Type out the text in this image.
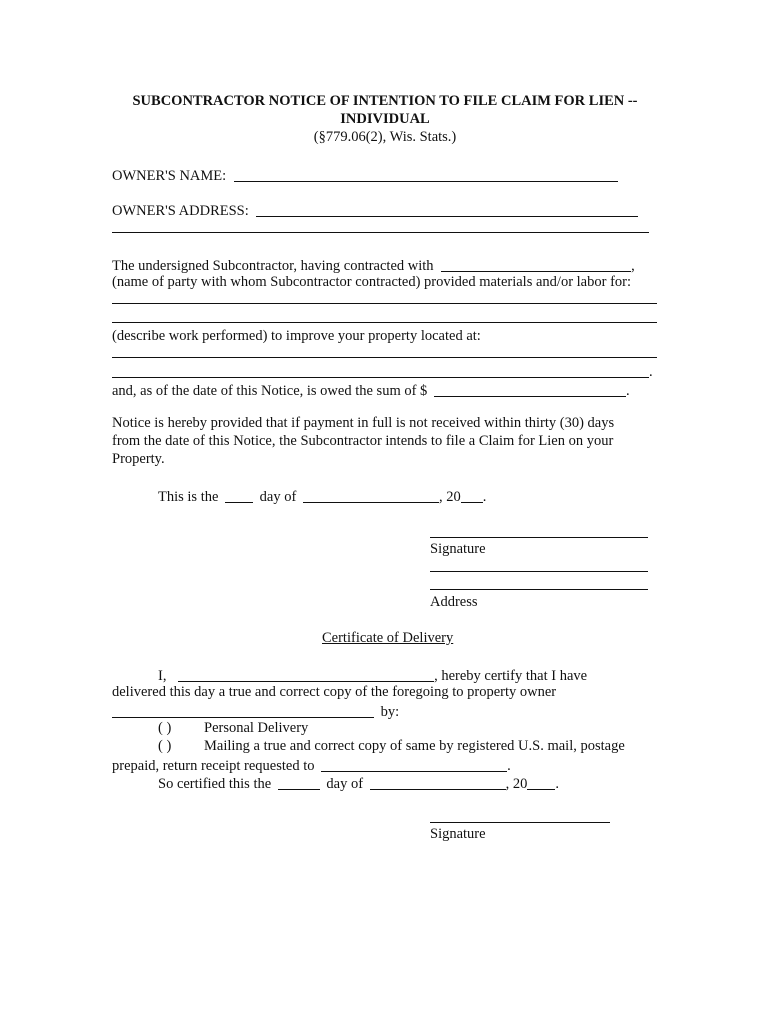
SUBCONTRACTOR NOTICE OF INTENTION TO FILE CLAIM FOR LIEN --
INDIVIDUAL
(§779.06(2), Wis. Stats.)
OWNER'S NAME:
OWNER'S ADDRESS:
The undersigned Subcontractor, having contracted with	,
(name of party with whom Subcontractor contracted) provided materials and/or labor for:
(describe work performed) to improve your property located at:
.
and, as of the date of this Notice, is owed the sum of $	.
Notice is hereby provided that if payment in full is not received within thirty (30) days
from the date of this Notice, the Subcontractor intends to file a Claim for Lien on your
Property.
This is the	day of	, 20 .
Signature
Address
Certificate of Delivery
I,	, hereby certify that I have
delivered this day a true and correct copy of the foregoing to property owner
by:
( ) Personal Delivery
( ) Mailing a true and correct copy of same by registered U.S. mail, postage
prepaid, return receipt requested to	.
So certified this the	day of	, 20 .
Signature
